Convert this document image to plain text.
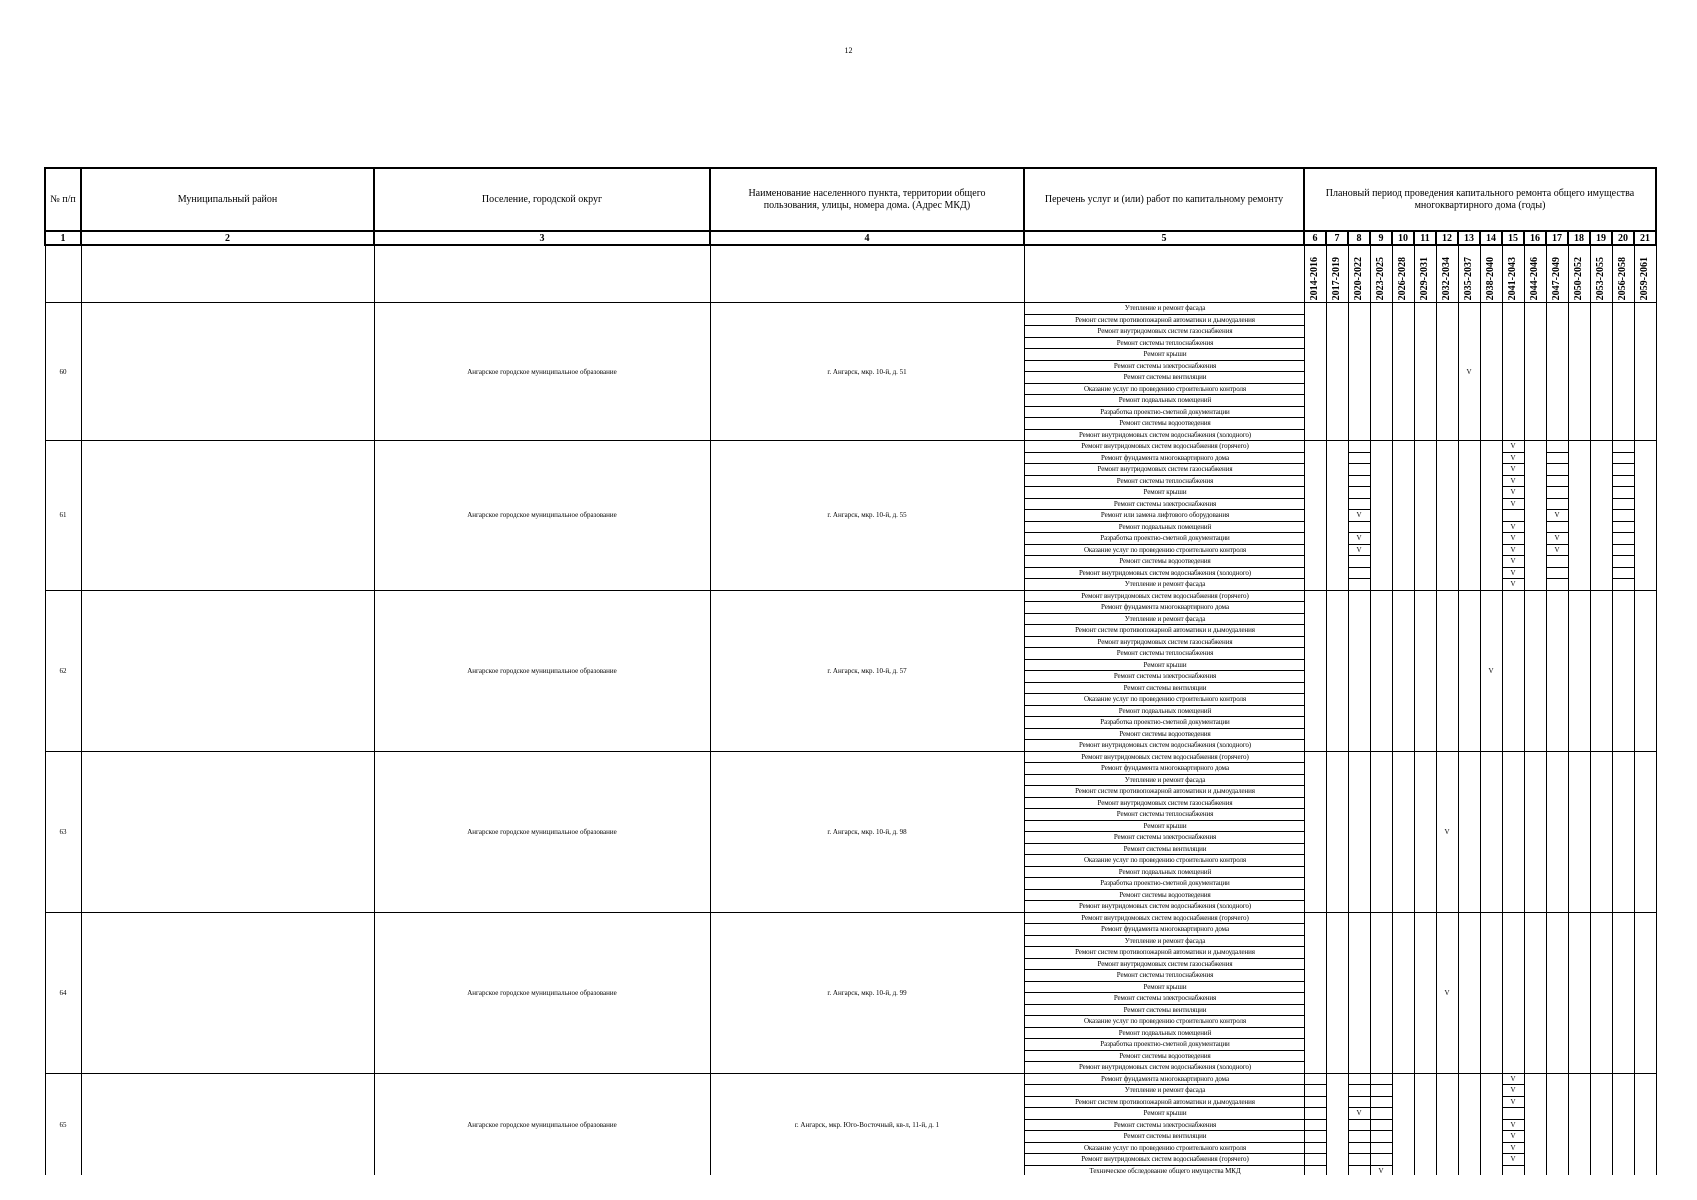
12
№ п/п	Муниципальный район	Поселение, городской округ	Наименование населенного пункта, территории общего пользования, улицы, номера дома. (Адрес МКД)	Перечень услуг и (или) работ по капитальному ремонту	Плановый период проведения капитального ремонта общего имущества многоквартирного дома (годы)															
1	2	3	4	5	6	7	8	9	10	11	12	13	14	15	16	17	18	19	20	21

					2014-2016	2017-2019	2020-2022	2023-2025	2026-2028	2029-2031	2032-2034	2035-2037	2038-2040	2041-2043	2044-2046	2047-2049	2050-2052	2053-2055	2056-2058	2059-2061

60		Ангарское городское муниципальное образование	г. Ангарск, мкр. 10-й, д. 51	Утепление и ремонт фасада								V								
				Ремонт систем противопожарной автоматики и дымоудаления																
				Ремонт внутридомовых систем газоснабжения																
				Ремонт системы теплоснабжения																
				Ремонт крыши																
				Ремонт системы электроснабжения																
				Ремонт системы вентиляции																
				Оказание услуг по проведению строительного контроля																
				Ремонт подвальных помещений																
				Разработка проектно-сметной документации																
				Ремонт системы водоотведения																
				Ремонт внутридомовых систем водоснабжения (холодного)																
61		Ангарское городское муниципальное образование	г. Ангарск, мкр. 10-й, д. 55	Ремонт внутридомовых систем водоснабжения (горячего)										V						
				Ремонт фундамента многоквартирного дома										V						
				Ремонт внутридомовых систем газоснабжения										V						
				Ремонт системы теплоснабжения										V						
				Ремонт крыши										V						
				Ремонт системы электроснабжения										V						
				Ремонт или замена лифтового оборудования			V									V				
				Ремонт подвальных помещений										V						
				Разработка проектно-сметной документации			V							V		V				
				Оказание услуг по проведению строительного контроля			V							V		V				
				Ремонт системы водоотведения										V						
				Ремонт внутридомовых систем водоснабжения (холодного)										V						
				Утепление и ремонт фасада										V						
62		Ангарское городское муниципальное образование	г. Ангарск, мкр. 10-й, д. 57	Ремонт внутридомовых систем водоснабжения (горячего)									V							
				Ремонт фундамента многоквартирного дома																
				Утепление и ремонт фасада																
				Ремонт систем противопожарной автоматики и дымоудаления																
				Ремонт внутридомовых систем газоснабжения																
				Ремонт системы теплоснабжения																
				Ремонт крыши																
				Ремонт системы электроснабжения																
				Ремонт системы вентиляции																
				Оказание услуг по проведению строительного контроля																
				Ремонт подвальных помещений																
				Разработка проектно-сметной документации																
				Ремонт системы водоотведения																
				Ремонт внутридомовых систем водоснабжения (холодного)																
63		Ангарское городское муниципальное образование	г. Ангарск, мкр. 10-й, д. 98	Ремонт внутридомовых систем водоснабжения (горячего)							V									
				Ремонт фундамента многоквартирного дома																
				Утепление и ремонт фасада																
				Ремонт систем противопожарной автоматики и дымоудаления																
				Ремонт внутридомовых систем газоснабжения																
				Ремонт системы теплоснабжения																
				Ремонт крыши																
				Ремонт системы электроснабжения																
				Ремонт системы вентиляции																
				Оказание услуг по проведению строительного контроля																
				Ремонт подвальных помещений																
				Разработка проектно-сметной документации																
				Ремонт системы водоотведения																
				Ремонт внутридомовых систем водоснабжения (холодного)																
64		Ангарское городское муниципальное образование	г. Ангарск, мкр. 10-й, д. 99	Ремонт внутридомовых систем водоснабжения (горячего)							V									
				Ремонт фундамента многоквартирного дома																
				Утепление и ремонт фасада																
				Ремонт систем противопожарной автоматики и дымоудаления																
				Ремонт внутридомовых систем газоснабжения																
				Ремонт системы теплоснабжения																
				Ремонт крыши																
				Ремонт системы электроснабжения																
				Ремонт системы вентиляции																
				Оказание услуг по проведению строительного контроля																
				Ремонт подвальных помещений																
				Разработка проектно-сметной документации																
				Ремонт системы водоотведения																
				Ремонт внутридомовых систем водоснабжения (холодного)																
65		Ангарское городское муниципальное образование	г. Ангарск, мкр. Юго-Восточный, кв-л, 11-й, д. 1	Ремонт фундамента многоквартирного дома										V						
				Утепление и ремонт фасада										V						
				Ремонт систем противопожарной автоматики и дымоудаления										V						
				Ремонт крыши			V													
				Ремонт системы электроснабжения										V						
				Ремонт системы вентиляции										V						
				Оказание услуг по проведению строительного контроля										V						
				Ремонт внутридомовых систем водоснабжения (горячего)										V						
				Техническое обследование общего имущества МКД				V												
